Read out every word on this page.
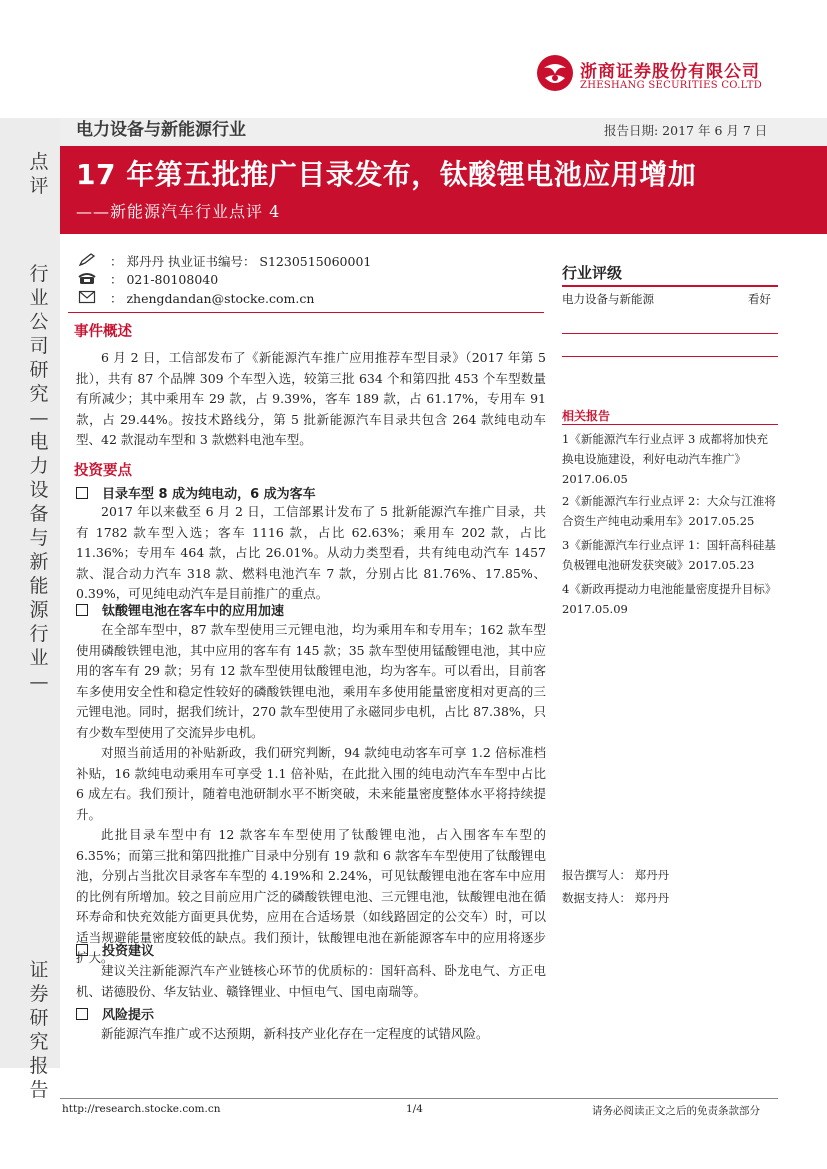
浙商证券股份有限公司
ZHESHANG SECURITIES CO.LTD
点评
行业公司研究—电力设备与新能源行业—
证券研究报告
电力设备与新能源行业	报告日期: 2017 年 6 月 7 日
17 年第五批推广目录发布，钛酸锂电池应用增加
——新能源汽车行业点评 4
： 郑丹丹 执业证书编号： S1230515060001
： 021-80108040
： zhengdandan@stocke.com.cn
事件概述

6 月 2 日，工信部发布了《新能源汽车推广应用推荐车型目录》（2017 年第 5 批），共有 87 个品牌 309 个车型入选，较第三批 634 个和第四批 453 个车型数量有所减少；其中乘用车 29 款，占 9.39%，客车 189 款，占 61.17%，专用车 91 款，占 29.44%。按技术路线分，第 5 批新能源汽车目录共包含 264 款纯电动车型、42 款混动车型和 3 款燃料电池车型。

投资要点
目录车型 8 成为纯电动，6 成为客车

2017 年以来截至 6 月 2 日，工信部累计发布了 5 批新能源汽车推广目录，共有 1782 款车型入选；客车 1116 款，占比 62.63%；乘用车 202 款，占比 11.36%；专用车 464 款，占比 26.01%。从动力类型看，共有纯电动汽车 1457 款、混合动力汽车 318 款、燃料电池汽车 7 款，分别占比 81.76%、17.85%、0.39%，可见纯电动汽车是目前推广的重点。

钛酸锂电池在客车中的应用加速

在全部车型中，87 款车型使用三元锂电池，均为乘用车和专用车；162 款车型使用磷酸铁锂电池，其中应用的客车有 145 款；35 款车型使用锰酸锂电池，其中应用的客车有 29 款；另有 12 款车型使用钛酸锂电池，均为客车。可以看出，目前客车多使用安全性和稳定性较好的磷酸铁锂电池，乘用车多使用能量密度相对更高的三元锂电池。同时，据我们统计，270 款车型使用了永磁同步电机，占比 87.38%，只有少数车型使用了交流异步电机。

对照当前适用的补贴新政，我们研究判断，94 款纯电动客车可享 1.2 倍标准档补贴，16 款纯电动乘用车可享受 1.1 倍补贴，在此批入围的纯电动汽车车型中占比 6 成左右。我们预计，随着电池研制水平不断突破，未来能量密度整体水平将持续提升。

此批目录车型中有 12 款客车车型使用了钛酸锂电池，占入围客车车型的 6.35%；而第三批和第四批推广目录中分别有 19 款和 6 款客车车型使用了钛酸锂电池，分别占当批次目录客车车型的 4.19%和 2.24%，可见钛酸锂电池在客车中应用的比例有所增加。较之目前应用广泛的磷酸铁锂电池、三元锂电池，钛酸锂电池在循环寿命和快充效能方面更具优势，应用在合适场景（如线路固定的公交车）时，可以适当规避能量密度较低的缺点。我们预计，钛酸锂电池在新能源客车中的应用将逐步扩大。

投资建议

建议关注新能源汽车产业链核心环节的优质标的：国轩高科、卧龙电气、方正电机、诺德股份、华友钴业、赣锋锂业、中恒电气、国电南瑞等。

风险提示

新能源汽车推广或不达预期，新科技产业化存在一定程度的试错风险。

行业评级
电力设备与新能源	看好
相关报告
1《新能源汽车行业点评 3 成都将加快充换电设施建设，利好电动汽车推广》2017.06.05
2《新能源汽车行业点评 2：大众与江淮将合资生产纯电动乘用车》2017.05.25
3《新能源汽车行业点评 1：国轩高科硅基负极锂电池研发获突破》2017.05.23
4《新政再提动力电池能量密度提升目标》2017.05.09
报告撰写人： 郑丹丹
数据支持人： 郑丹丹
http://research.stocke.com.cn	1/4	请务必阅读正文之后的免责条款部分
